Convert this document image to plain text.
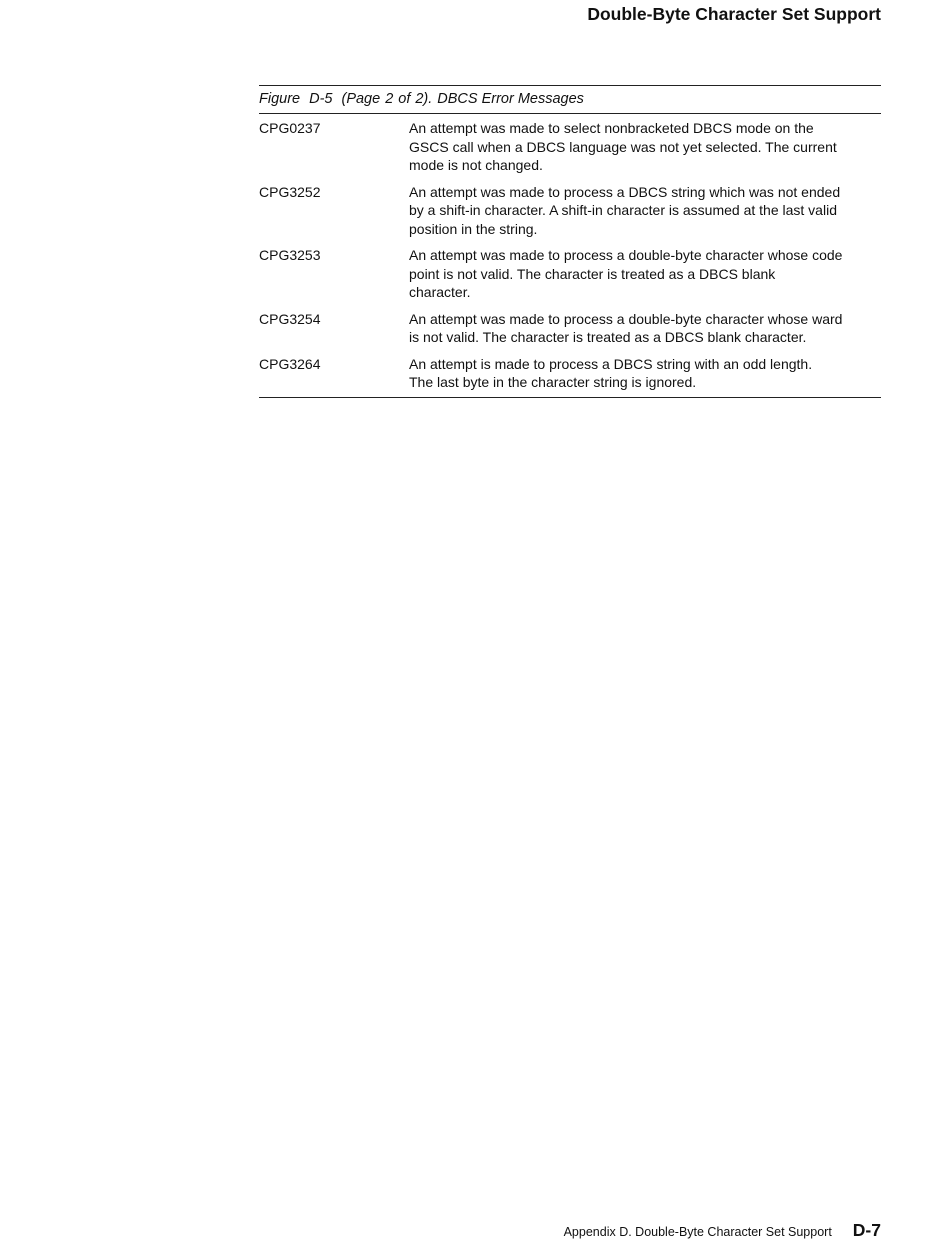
Double-Byte Character Set Support
Figure D-5 (Page 2 of 2). DBCS Error Messages
CPG0237	An attempt was made to select nonbracketed DBCS mode on the
GSCS call when a DBCS language was not yet selected. The current
mode is not changed.
CPG3252	An attempt was made to process a DBCS string which was not ended
by a shift-in character. A shift-in character is assumed at the last valid
position in the string.
CPG3253	An attempt was made to process a double-byte character whose code
point is not valid. The character is treated as a DBCS blank
character.
CPG3254	An attempt was made to process a double-byte character whose ward
is not valid. The character is treated as a DBCS blank character.
CPG3264	An attempt is made to process a DBCS string with an odd length.
The last byte in the character string is ignored.
Appendix D. Double-Byte Character Set Support D-7
